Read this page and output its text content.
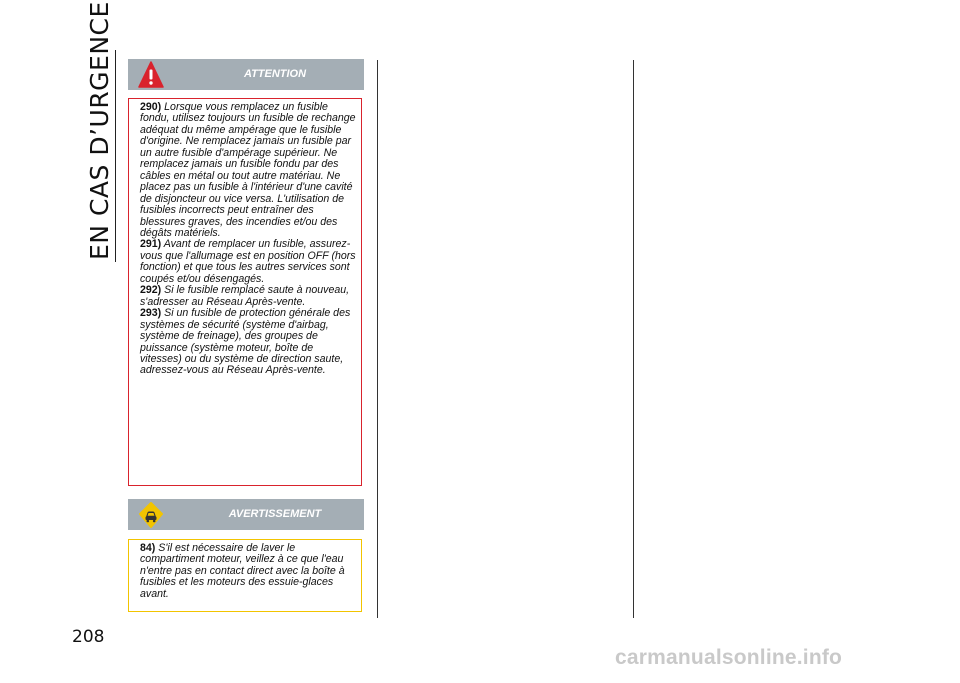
EN CAS D’URGENCE
208
ATTENTION

290) Lorsque vous remplacez un fusible fondu, utilisez toujours un fusible de rechange adéquat du même ampérage que le fusible d'origine. Ne remplacez jamais un fusible par un autre fusible d'ampérage supérieur. Ne remplacez jamais un fusible fondu par des câbles en métal ou tout autre matériau. Ne placez pas un fusible à l'intérieur d'une cavité de disjoncteur ou vice versa. L'utilisation de fusibles incorrects peut entraîner des blessures graves, des incendies et/ou des dégâts matériels.

291) Avant de remplacer un fusible, assurez-vous que l'allumage est en position OFF (hors fonction) et que tous les autres services sont coupés et/ou désengagés.

292) Si le fusible remplacé saute à nouveau, s'adresser au Réseau Après-vente.

293) Si un fusible de protection générale des systèmes de sécurité (système d'airbag, système de freinage), des groupes de puissance (système moteur, boîte de vitesses) ou du système de direction saute, adressez-vous au Réseau Après-vente.

AVERTISSEMENT

84) S'il est nécessaire de laver le compartiment moteur, veillez à ce que l'eau n'entre pas en contact direct avec la boîte à fusibles et les moteurs des essuie-glaces avant.

carmanualsonline.info
